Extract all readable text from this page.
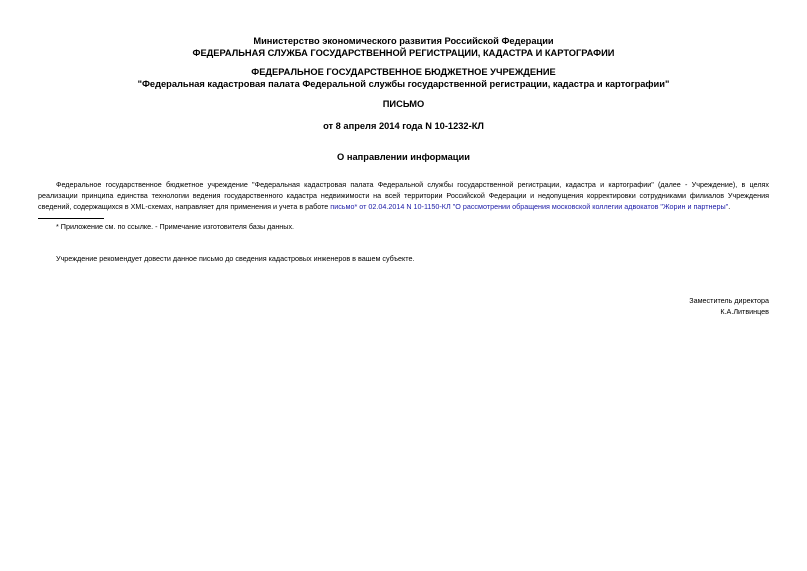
Министерство экономического развития Российской Федерации
ФЕДЕРАЛЬНАЯ СЛУЖБА ГОСУДАРСТВЕННОЙ РЕГИСТРАЦИИ, КАДАСТРА И КАРТОГРАФИИ
ФЕДЕРАЛЬНОЕ ГОСУДАРСТВЕННОЕ БЮДЖЕТНОЕ УЧРЕЖДЕНИЕ
"Федеральная кадастровая палата Федеральной службы государственной регистрации, кадастра и картографии"
ПИСЬМО
от 8 апреля 2014 года N 10-1232-КЛ
О направлении информации
Федеральное государственное бюджетное учреждение "Федеральная кадастровая палата Федеральной службы государственной регистрации, кадастра и картографии" (далее - Учреждение), в целях реализации принципа единства технологии ведения государственного кадастра недвижимости на всей территории Российской Федерации и недопущения корректировки сотрудниками филиалов Учреждения сведений, содержащихся в XML-схемах, направляет для применения и учета в работе письмо* от 02.04.2014 N 10-1150-КЛ "О рассмотрении обращения московской коллегии адвокатов "Жорин и партнеры".
* Приложение см. по ссылке. - Примечание изготовителя базы данных.
Учреждение рекомендует довести данное письмо до сведения кадастровых инженеров в вашем субъекте.
Заместитель директора
К.А.Литвинцев
